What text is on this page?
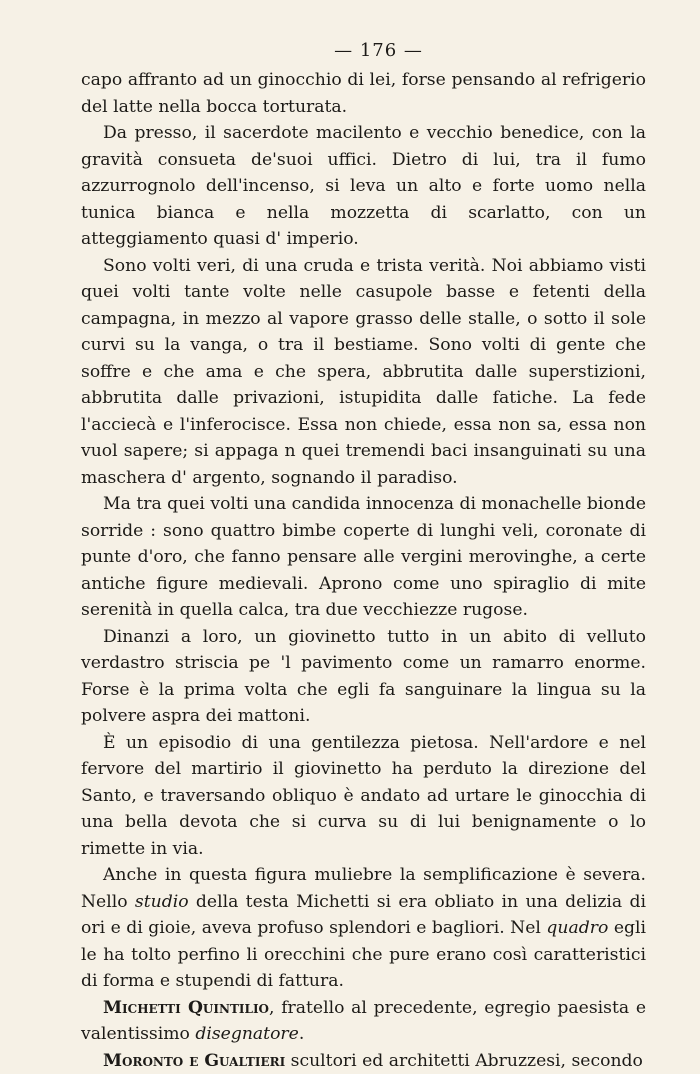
— 176 —

capo affranto ad un ginocchio di lei, forse pensando al refrigerio del latte nella bocca torturata.

Da presso, il sacerdote macilento e vecchio benedice, con la gravità consueta de'suoi uffici. Dietro di lui, tra il fumo azzurrognolo dell'incenso, si leva un alto e forte uomo nella tunica bianca e nella mozzetta di scarlatto, con un atteggiamento quasi d' imperio.

Sono volti veri, di una cruda e trista verità. Noi abbiamo visti quei volti tante volte nelle casupole basse e fetenti della campagna, in mezzo al vapore grasso delle stalle, o sotto il sole curvi su la vanga, o tra il bestiame. Sono volti di gente che soffre e che ama e che spera, abbrutita dalle superstizioni, abbrutita dalle privazioni, istupidita dalle fatiche. La fede l'acciecà e l'inferocisce. Essa non chiede, essa non sa, essa non vuol sapere; si appaga n quei tremendi baci insanguinati su una maschera d' argento, sognando il paradiso.

Ma tra quei volti una candida innocenza di monachelle bionde sorride : sono quattro bimbe coperte di lunghi veli, coronate di punte d'oro, che fanno pensare alle vergini merovinghe, a certe antiche figure medievali. Aprono come uno spiraglio di mite serenità in quella calca, tra due vecchiezze rugose.

Dinanzi a loro, un giovinetto tutto in un abito di velluto verdastro striscia pe 'l pavimento come un ramarro enorme. Forse è la prima volta che egli fa sanguinare la lingua su la polvere aspra dei mattoni.

È un episodio di una gentilezza pietosa. Nell'ardore e nel fervore del martirio il giovinetto ha perduto la direzione del Santo, e traversando obliquo è andato ad urtare le ginocchia di una bella devota che si curva su di lui benignamente o lo rimette in via.

Anche in questa figura muliebre la semplificazione è severa. Nello studio della testa Michetti si era obliato in una delizia di ori e di gioie, aveva profuso splendori e bagliori. Nel quadro egli le ha tolto perfino li orecchini che pure erano così caratteristici di forma e stupendi di fattura.

Michetti Quintilio, fratello al precedente, egregio paesista e valentissimo disegnatore.

Moronto e Gualtieri scultori ed architetti Abruzzesi, secondo
